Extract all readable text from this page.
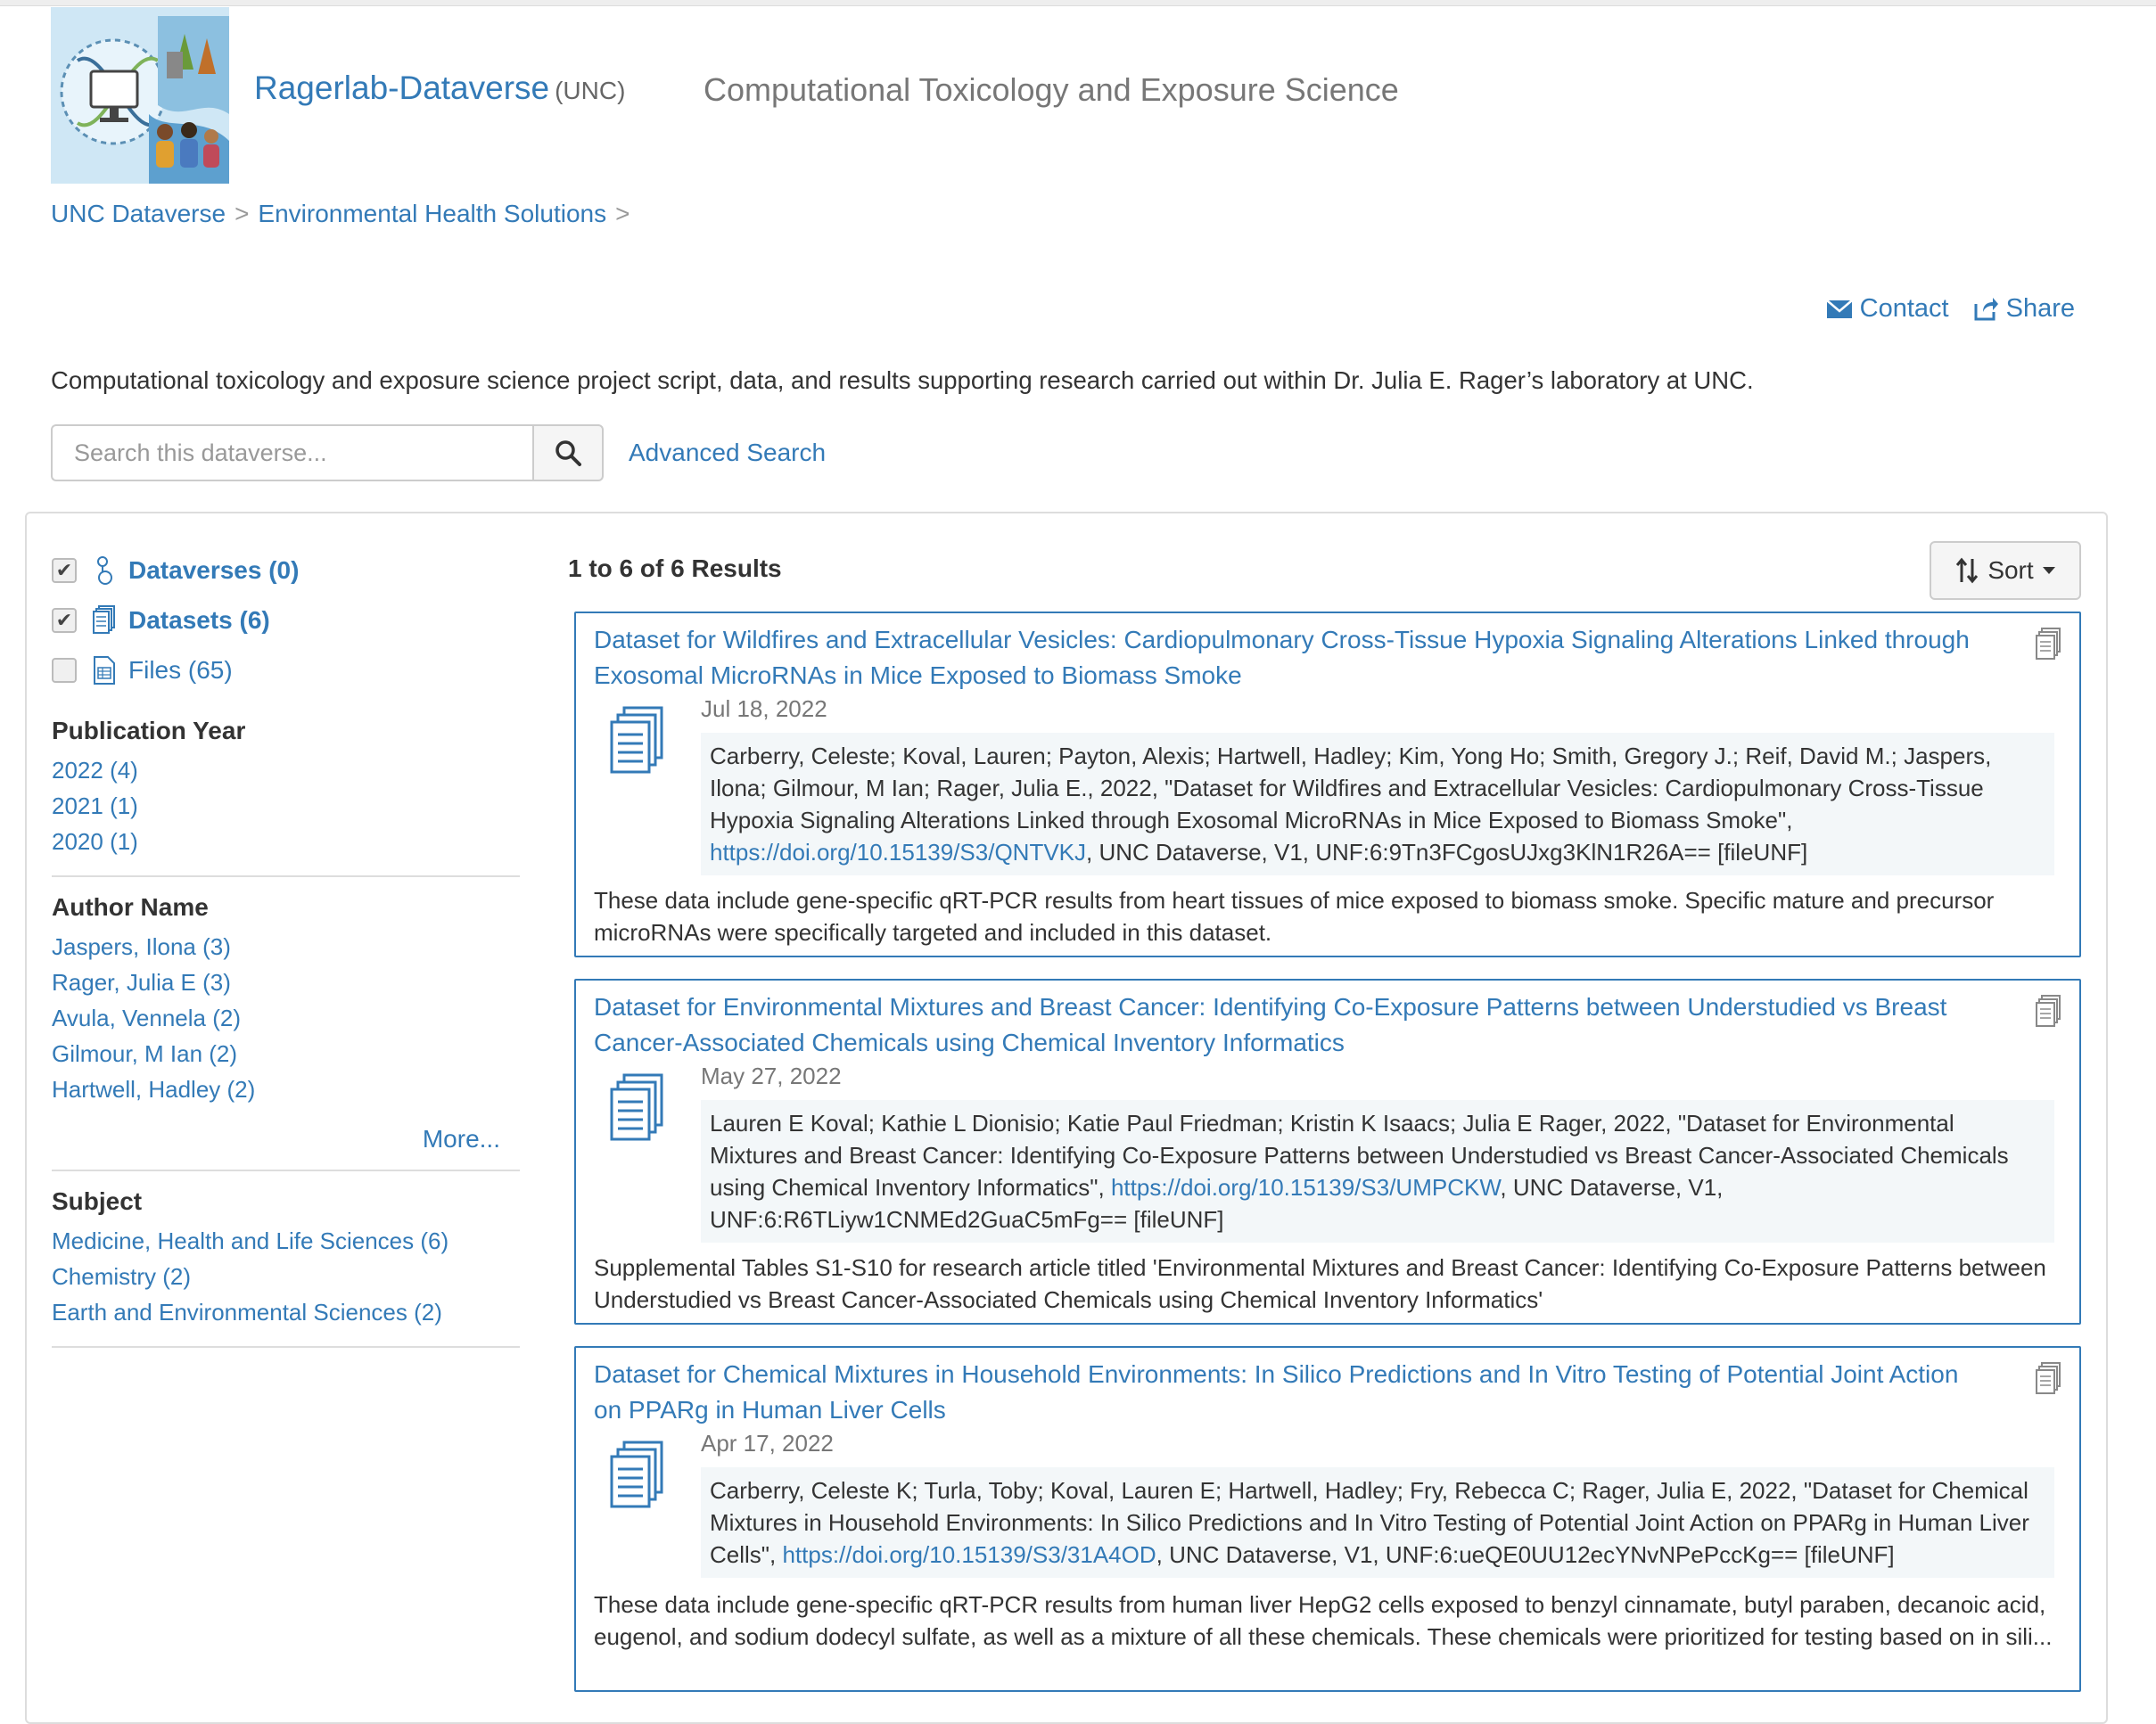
Ragerlab-Dataverse (UNC) Computational Toxicology and Exposure Science
UNC Dataverse > Environmental Health Solutions >
Contact Share
Computational toxicology and exposure science project script, data, and results supporting research carried out within Dr. Julia E. Rager’s laboratory at UNC.
Search this dataverse...
Advanced Search
✔ Dataverses (0)
✔ Datasets (6)
Files (65)
Publication Year
2022 (4)
2021 (1)
2020 (1)
Author Name
Jaspers, Ilona (3)
Rager, Julia E (3)
Avula, Vennela (2)
Gilmour, M Ian (2)
Hartwell, Hadley (2)
More...
Subject
Medicine, Health and Life Sciences (6)
Chemistry (2)
Earth and Environmental Sciences (2)
1 to 6 of 6 Results	Sort
Dataset for Wildfires and Extracellular Vesicles: Cardiopulmonary Cross-Tissue Hypoxia Signaling Alterations Linked through Exosomal MicroRNAs in Mice Exposed to Biomass Smoke
Jul 18, 2022
Carberry, Celeste; Koval, Lauren; Payton, Alexis; Hartwell, Hadley; Kim, Yong Ho; Smith, Gregory J.; Reif, David M.; Jaspers, Ilona; Gilmour, M Ian; Rager, Julia E., 2022, "Dataset for Wildfires and Extracellular Vesicles: Cardiopulmonary Cross-Tissue Hypoxia Signaling Alterations Linked through Exosomal MicroRNAs in Mice Exposed to Biomass Smoke", https://doi.org/10.15139/S3/QNTVKJ, UNC Dataverse, V1, UNF:6:9Tn3FCgosUJxg3KlN1R26A== [fileUNF]
These data include gene-specific qRT-PCR results from heart tissues of mice exposed to biomass smoke. Specific mature and precursor microRNAs were specifically targeted and included in this dataset.
Dataset for Environmental Mixtures and Breast Cancer: Identifying Co-Exposure Patterns between Understudied vs Breast Cancer-Associated Chemicals using Chemical Inventory Informatics
May 27, 2022
Lauren E Koval; Kathie L Dionisio; Katie Paul Friedman; Kristin K Isaacs; Julia E Rager, 2022, "Dataset for Environmental Mixtures and Breast Cancer: Identifying Co-Exposure Patterns between Understudied vs Breast Cancer-Associated Chemicals using Chemical Inventory Informatics", https://doi.org/10.15139/S3/UMPCKW, UNC Dataverse, V1, UNF:6:R6TLiyw1CNMEd2GuaC5mFg== [fileUNF]
Supplemental Tables S1-S10 for research article titled 'Environmental Mixtures and Breast Cancer: Identifying Co-Exposure Patterns between Understudied vs Breast Cancer-Associated Chemicals using Chemical Inventory Informatics'
Dataset for Chemical Mixtures in Household Environments: In Silico Predictions and In Vitro Testing of Potential Joint Action on PPARg in Human Liver Cells
Apr 17, 2022
Carberry, Celeste K; Turla, Toby; Koval, Lauren E; Hartwell, Hadley; Fry, Rebecca C; Rager, Julia E, 2022, "Dataset for Chemical Mixtures in Household Environments: In Silico Predictions and In Vitro Testing of Potential Joint Action on PPARg in Human Liver Cells", https://doi.org/10.15139/S3/31A4OD, UNC Dataverse, V1, UNF:6:ueQE0UU12ecYNvNPePccKg== [fileUNF]
These data include gene-specific qRT-PCR results from human liver HepG2 cells exposed to benzyl cinnamate, butyl paraben, decanoic acid, eugenol, and sodium dodecyl sulfate, as well as a mixture of all these chemicals. These chemicals were prioritized for testing based on in sili...
